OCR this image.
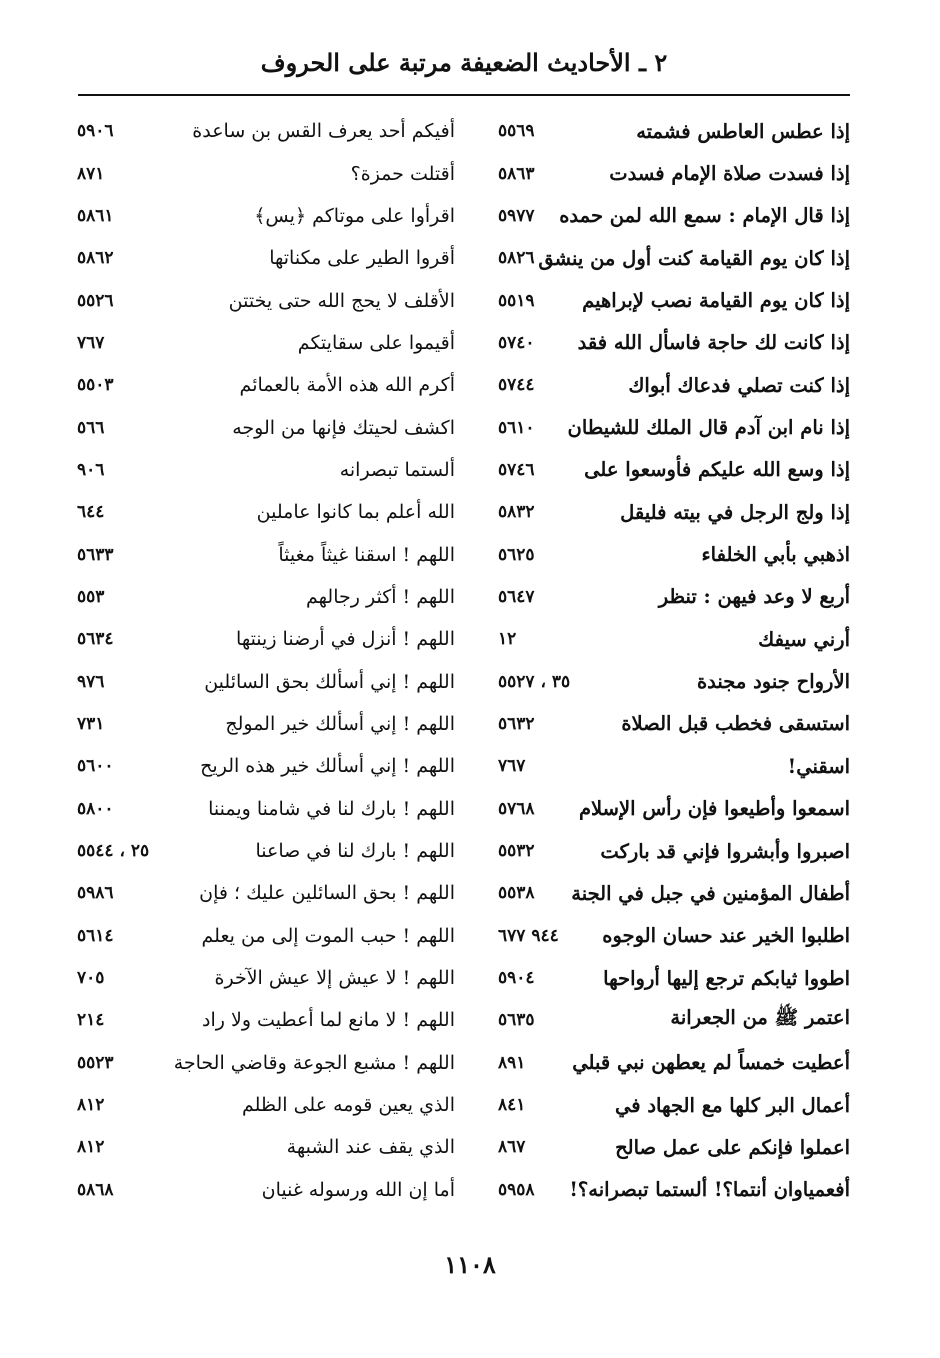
٢ ـ الأحاديث الضعيفة مرتبة على الحروف
إذا عطس العاطس فشمته
٥٥٦٩
إذا فسدت صلاة الإمام فسدت
٥٨٦٣
إذا قال الإمام : سمع الله لمن حمده
٥٩٧٧
إذا كان يوم القيامة كنت أول من ينشق
٥٨٢٦
إذا كان يوم القيامة نصب لإبراهيم
٥٥١٩
إذا كانت لك حاجة فاسأل الله فقد
٥٧٤٠
إذا كنت تصلي فدعاك أبواك
٥٧٤٤
إذا نام ابن آدم قال الملك للشيطان
٥٦١٠
إذا وسع الله عليكم فأوسعوا على
٥٧٤٦
إذا ولج الرجل في بيته فليقل
٥٨٣٢
اذهبي بأبي الخلفاء
٥٦٢٥
أربع لا وعد فيهن : تنظر
٥٦٤٧
أرني سيفك
١٢
الأرواح جنود مجندة
٣٥ ، ٥٥٢٧
استسقى فخطب قبل الصلاة
٥٦٣٢
اسقني!
٧٦٧
اسمعوا وأطيعوا فإن رأس الإسلام
٥٧٦٨
اصبروا وأبشروا فإني قد باركت
٥٥٣٢
أطفال المؤمنين في جبل في الجنة
٥٥٣٨
اطلبوا الخير عند حسان الوجوه
٩٤٤ ٦٧٧
اطووا ثيابكم ترجع إليها أرواحها
٥٩٠٤
اعتمر ﷺ من الجعرانة
٥٦٣٥
أعطيت خمساً لم يعطهن نبي قبلي
٨٩١
أعمال البر كلها مع الجهاد في
٨٤١
اعملوا فإنكم على عمل صالح
٨٦٧
أفعمياوان أنتما؟! ألستما تبصرانه؟!
٥٩٥٨
أفيكم أحد يعرف القس بن ساعدة
٥٩٠٦
أقتلت حمزة؟
٨٧١
اقرأوا على موتاكم ﴿يس﴾
٥٨٦١
أقروا الطير على مكناتها
٥٨٦٢
الأقلف لا يحج الله حتى يختتن
٥٥٢٦
أقيموا على سقايتكم
٧٦٧
أكرم الله هذه الأمة بالعمائم
٥٥٠٣
اكشف لحيتك فإنها من الوجه
٥٦٦
ألستما تبصرانه
٩٠٦
الله أعلم بما كانوا عاملين
٦٤٤
اللهم ! اسقنا غيثاً مغيثاً
٥٦٣٣
اللهم ! أكثر رجالهم
٥٥٣
اللهم ! أنزل في أرضنا زينتها
٥٦٣٤
اللهم ! إني أسألك بحق السائلين
٩٧٦
اللهم ! إني أسألك خير المولج
٧٣١
اللهم ! إني أسألك خير هذه الريح
٥٦٠٠
اللهم ! بارك لنا في شامنا ويمننا
٥٨٠٠
اللهم ! بارك لنا في صاعنا
٢٥ ، ٥٥٤٤
اللهم ! بحق السائلين عليك ؛ فإن
٥٩٨٦
اللهم ! حبب الموت إلى من يعلم
٥٦١٤
اللهم ! لا عيش إلا عيش الآخرة
٧٠٥
اللهم ! لا مانع لما أعطيت ولا راد
٢١٤
اللهم ! مشبع الجوعة وقاضي الحاجة
٥٥٢٣
الذي يعين قومه على الظلم
٨١٢
الذي يقف عند الشبهة
٨١٢
أما إن الله ورسوله غنيان
٥٨٦٨
١١٠٨
